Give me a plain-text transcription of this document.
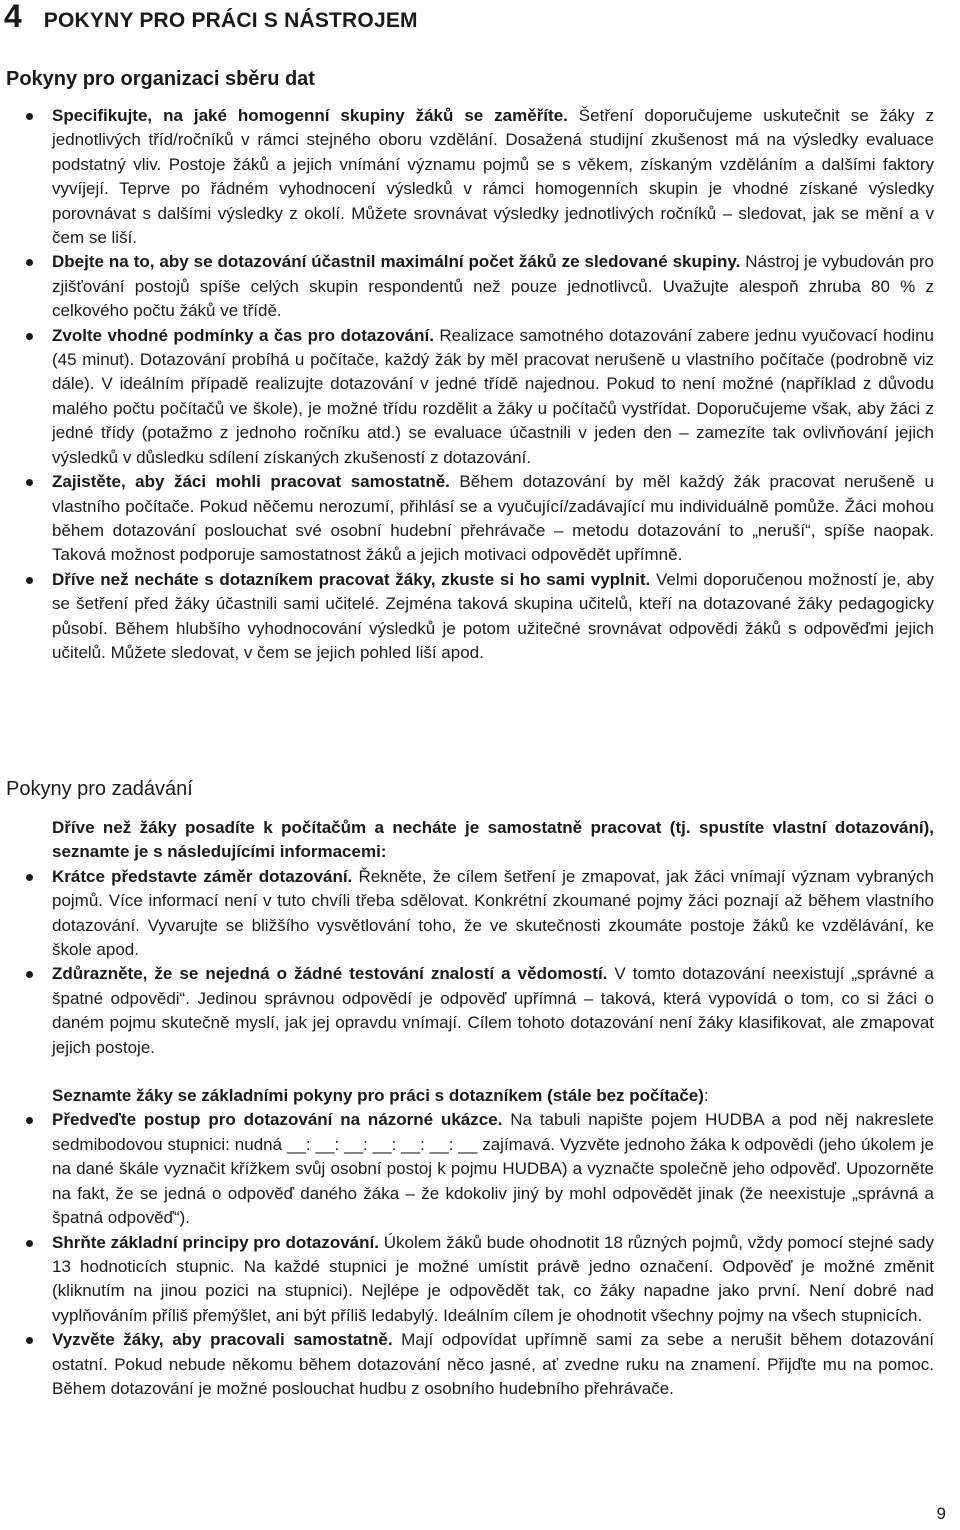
4 POKYNY PRO PRÁCI S NÁSTROJEM
Pokyny pro organizaci sběru dat
Specifikujte, na jaké homogenní skupiny žáků se zaměříte. Šetření doporučujeme uskutečnit se žáky z jednotlivých tříd/ročníků v rámci stejného oboru vzdělání. Dosažená studijní zkušenost má na výsledky evaluace podstatný vliv. Postoje žáků a jejich vnímání významu pojmů se s věkem, získaným vzděláním a dalšími faktory vyvíjejí. Teprve po řádném vyhodnocení výsledků v rámci homogenních skupin je vhodné získané výsledky porovnávat s dalšími výsledky z okolí. Můžete srovnávat výsledky jednotlivých ročníků – sledovat, jak se mění a v čem se liší.
Dbejte na to, aby se dotazování účastnil maximální počet žáků ze sledované skupiny. Nástroj je vybudován pro zjišťování postojů spíše celých skupin respondentů než pouze jednotlivců. Uvažujte alespoň zhruba 80 % z celkového počtu žáků ve třídě.
Zvolte vhodné podmínky a čas pro dotazování. Realizace samotného dotazování zabere jednu vyučovací hodinu (45 minut). Dotazování probíhá u počítače, každý žák by měl pracovat nerušeně u vlastního počítače (podrobně viz dále). V ideálním případě realizujte dotazování v jedné třídě najednou. Pokud to není možné (například z důvodu malého počtu počítačů ve škole), je možné třídu rozdělit a žáky u počítačů vystřídat. Doporučujeme však, aby žáci z jedné třídy (potažmo z jednoho ročníku atd.) se evaluace účastnili v jeden den – zamezíte tak ovlivňování jejich výsledků v důsledku sdílení získaných zkušeností z dotazování.
Zajistěte, aby žáci mohli pracovat samostatně. Během dotazování by měl každý žák pracovat nerušeně u vlastního počítače. Pokud něčemu nerozumí, přihlásí se a vyučující/zadávající mu individuálně pomůže. Žáci mohou během dotazování poslouchat své osobní hudební přehrávače – metodu dotazování to „neruší“, spíše naopak. Taková možnost podporuje samostatnost žáků a jejich motivaci odpovědět upřímně.
Dříve než necháte s dotazníkem pracovat žáky, zkuste si ho sami vyplnit. Velmi doporučenou možností je, aby se šetření před žáky účastnili sami učitelé. Zejména taková skupina učitelů, kteří na dotazované žáky pedagogicky působí. Během hlubšího vyhodnocování výsledků je potom užitečné srovnávat odpovědi žáků s odpověďmi jejich učitelů. Můžete sledovat, v čem se jejich pohled liší apod.
Pokyny pro zadávání

Dříve než žáky posadíte k počítačům a necháte je samostatně pracovat (tj. spustíte vlastní dotazování), seznamte je s následujícími informacemi:

Krátce představte záměr dotazování. Řekněte, že cílem šetření je zmapovat, jak žáci vnímají význam vybraných pojmů. Více informací není v tuto chvíli třeba sdělovat. Konkrétní zkoumané pojmy žáci poznají až během vlastního dotazování. Vyvarujte se bližšího vysvětlování toho, že ve skutečnosti zkoumáte postoje žáků ke vzdělávání, ke škole apod.
Zdůrazněte, že se nejedná o žádné testování znalostí a vědomostí. V tomto dotazování neexistují „správné a špatné odpovědi“. Jedinou správnou odpovědí je odpověď upřímná – taková, která vypovídá o tom, co si žáci o daném pojmu skutečně myslí, jak jej opravdu vnímají. Cílem tohoto dotazování není žáky klasifikovat, ale zmapovat jejich postoje.

Seznamte žáky se základními pokyny pro práci s dotazníkem (stále bez počítače):

Předveďte postup pro dotazování na názorné ukázce. Na tabuli napište pojem HUDBA a pod něj nakreslete sedmibodovou stupnici: nudná __: __: __: __: __: __: __ zajímavá. Vyzvěte jednoho žáka k odpovědi (jeho úkolem je na dané škále vyznačit křížkem svůj osobní postoj k pojmu HUDBA) a vyznačte společně jeho odpověď. Upozorněte na fakt, že se jedná o odpověď daného žáka – že kdokoliv jiný by mohl odpovědět jinak (že neexistuje „správná a špatná odpověď“).
Shrňte základní principy pro dotazování. Úkolem žáků bude ohodnotit 18 různých pojmů, vždy pomocí stejné sady 13 hodnoticích stupnic. Na každé stupnici je možné umístit právě jedno označení. Odpověď je možné změnit (kliknutím na jinou pozici na stupnici). Nejlépe je odpovědět tak, co žáky napadne jako první. Není dobré nad vyplňováním příliš přemýšlet, ani být příliš ledabylý. Ideálním cílem je ohodnotit všechny pojmy na všech stupnicích.
Vyzvěte žáky, aby pracovali samostatně. Mají odpovídat upřímně sami za sebe a nerušit během dotazování ostatní. Pokud nebude někomu během dotazování něco jasné, ať zvedne ruku na znamení. Přijďte mu na pomoc. Během dotazování je možné poslouchat hudbu z osobního hudebního přehrávače.
9
